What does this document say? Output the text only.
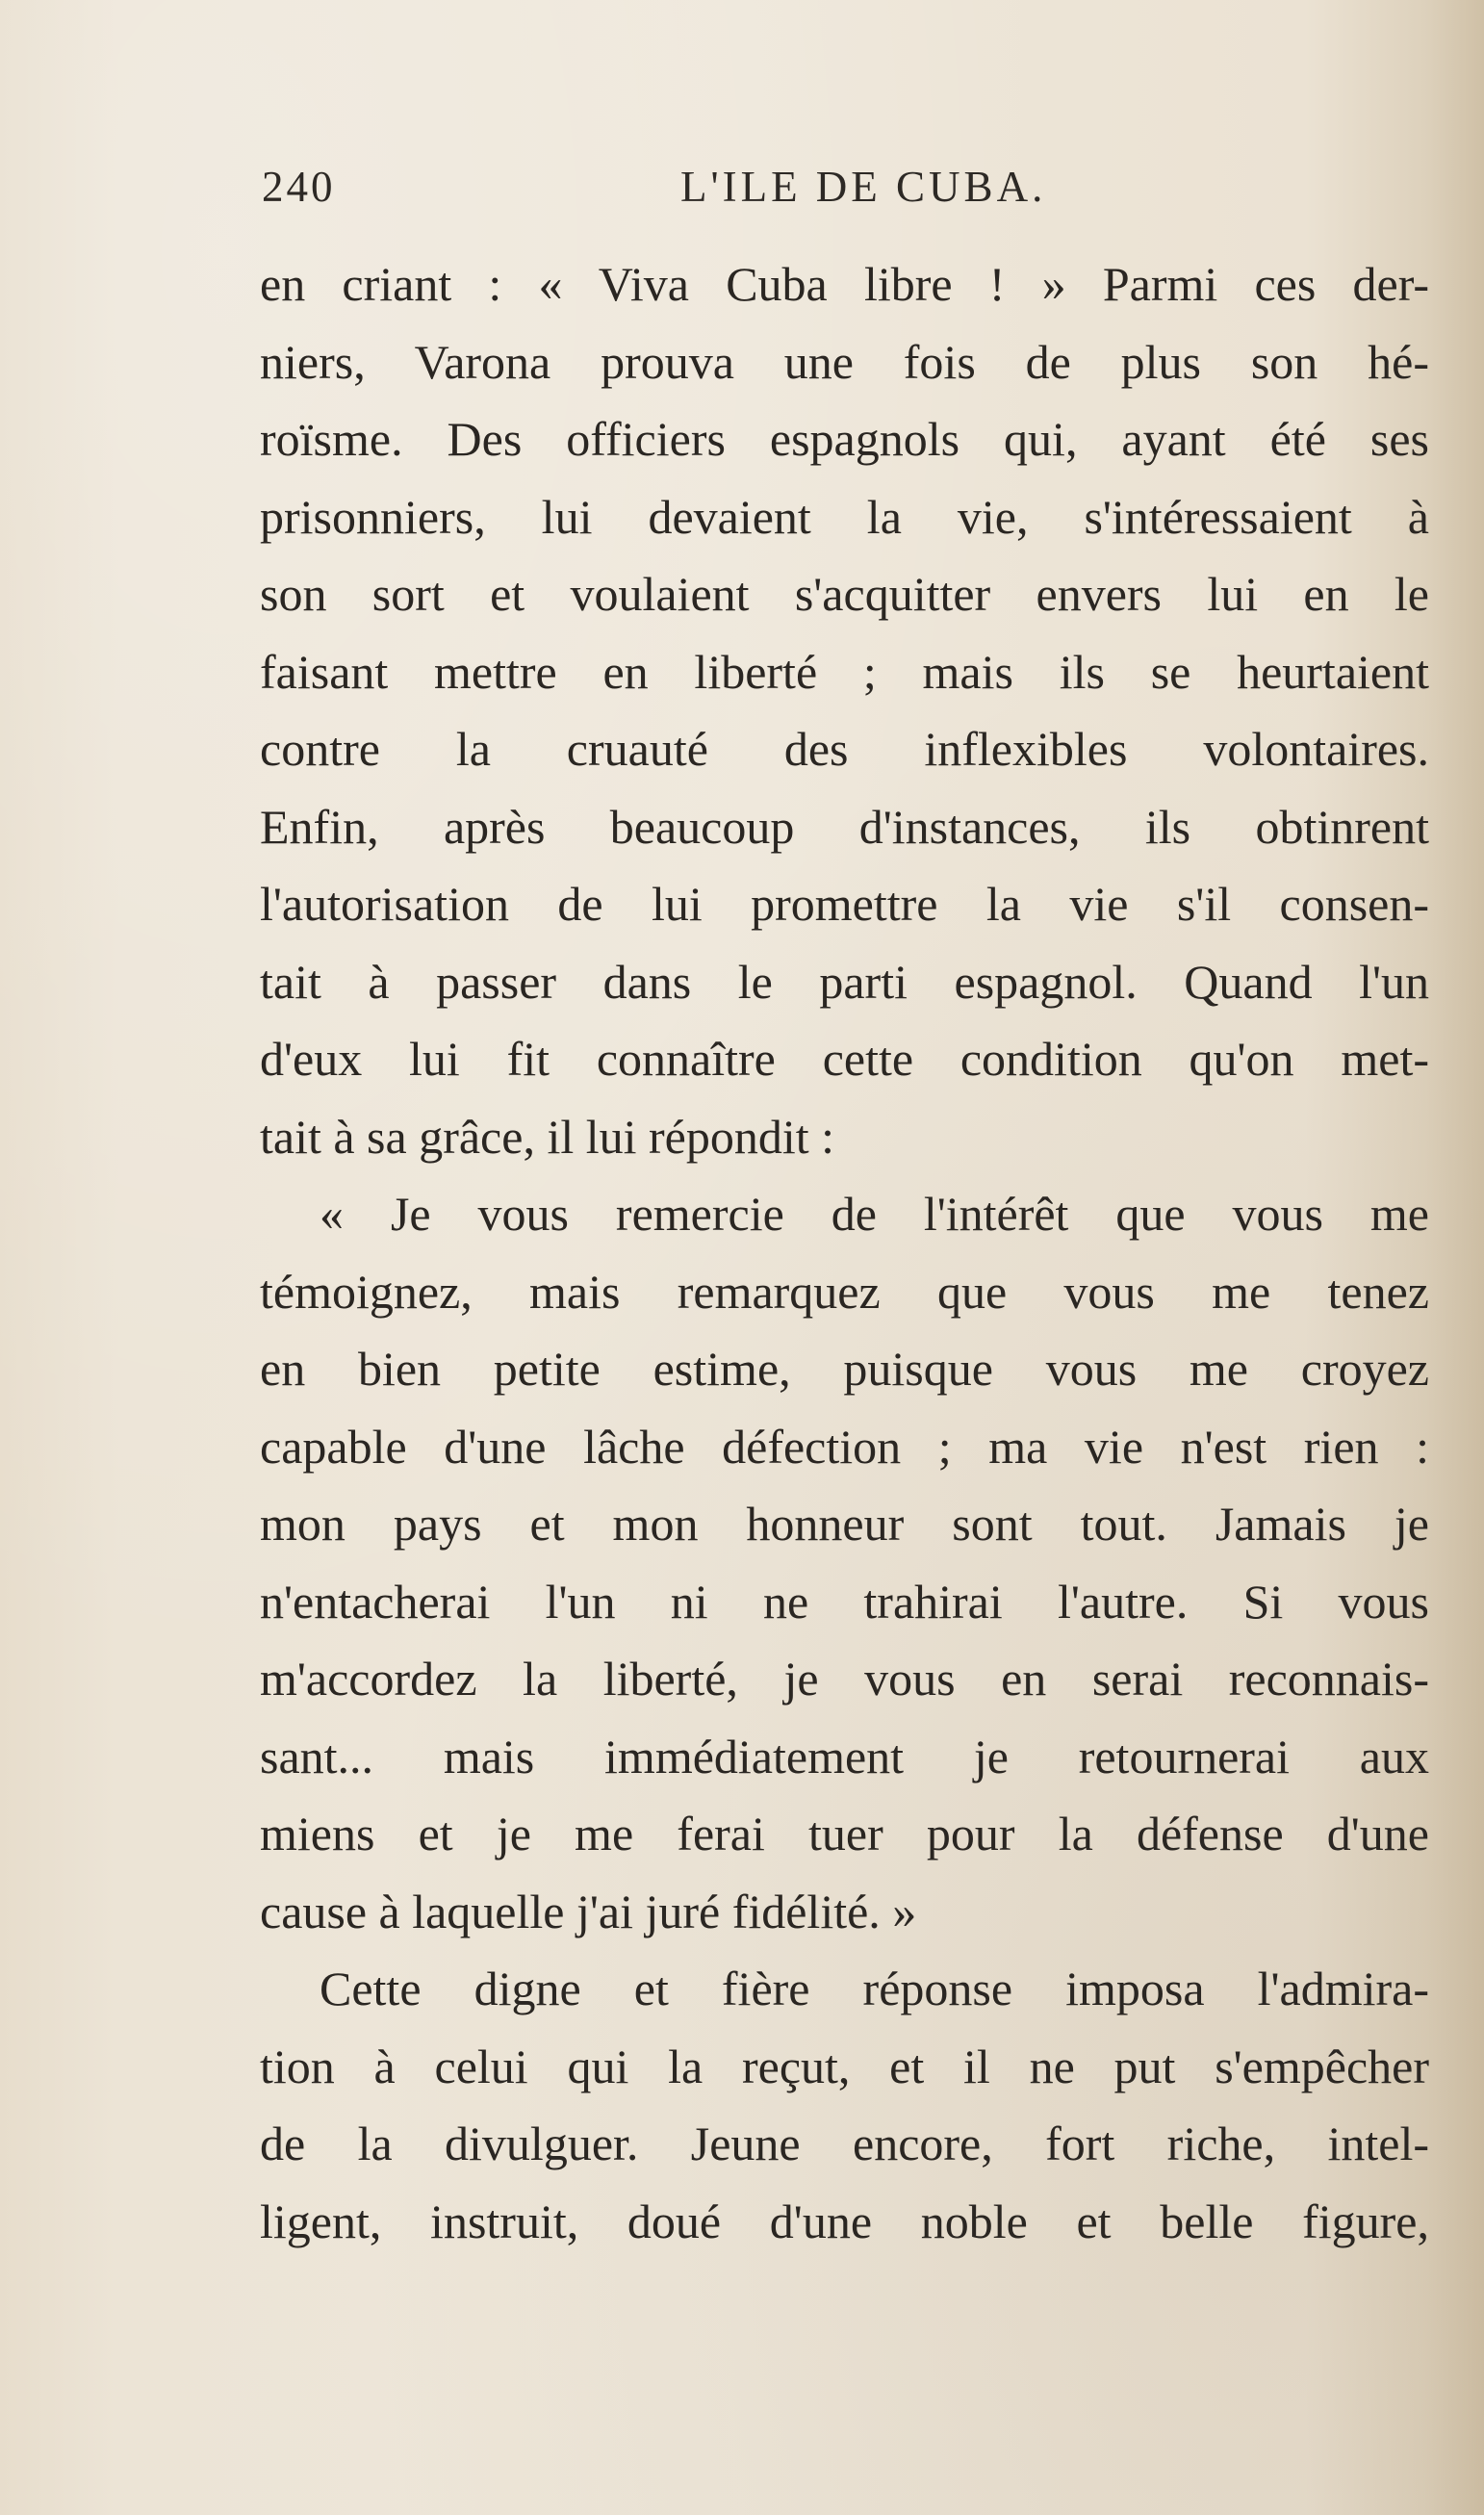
240	L'ILE DE CUBA.
en criant : « Viva Cuba libre ! » Parmi ces der-
niers, Varona prouva une fois de plus son hé-
roïsme. Des officiers espagnols qui, ayant été ses
prisonniers, lui devaient la vie, s'intéressaient à
son sort et voulaient s'acquitter envers lui en le
faisant mettre en liberté ; mais ils se heurtaient
contre la cruauté des inflexibles volontaires.
Enfin, après beaucoup d'instances, ils obtinrent
l'autorisation de lui promettre la vie s'il consen-
tait à passer dans le parti espagnol. Quand l'un
d'eux lui fit connaître cette condition qu'on met-
tait à sa grâce, il lui répondit :
« Je vous remercie de l'intérêt que vous me
témoignez, mais remarquez que vous me tenez
en bien petite estime, puisque vous me croyez
capable d'une lâche défection ; ma vie n'est rien :
mon pays et mon honneur sont tout. Jamais je
n'entacherai l'un ni ne trahirai l'autre. Si vous
m'accordez la liberté, je vous en serai reconnais-
sant... mais immédiatement je retournerai aux
miens et je me ferai tuer pour la défense d'une
cause à laquelle j'ai juré fidélité. »
Cette digne et fière réponse imposa l'admira-
tion à celui qui la reçut, et il ne put s'empêcher
de la divulguer. Jeune encore, fort riche, intel-
ligent, instruit, doué d'une noble et belle figure,
